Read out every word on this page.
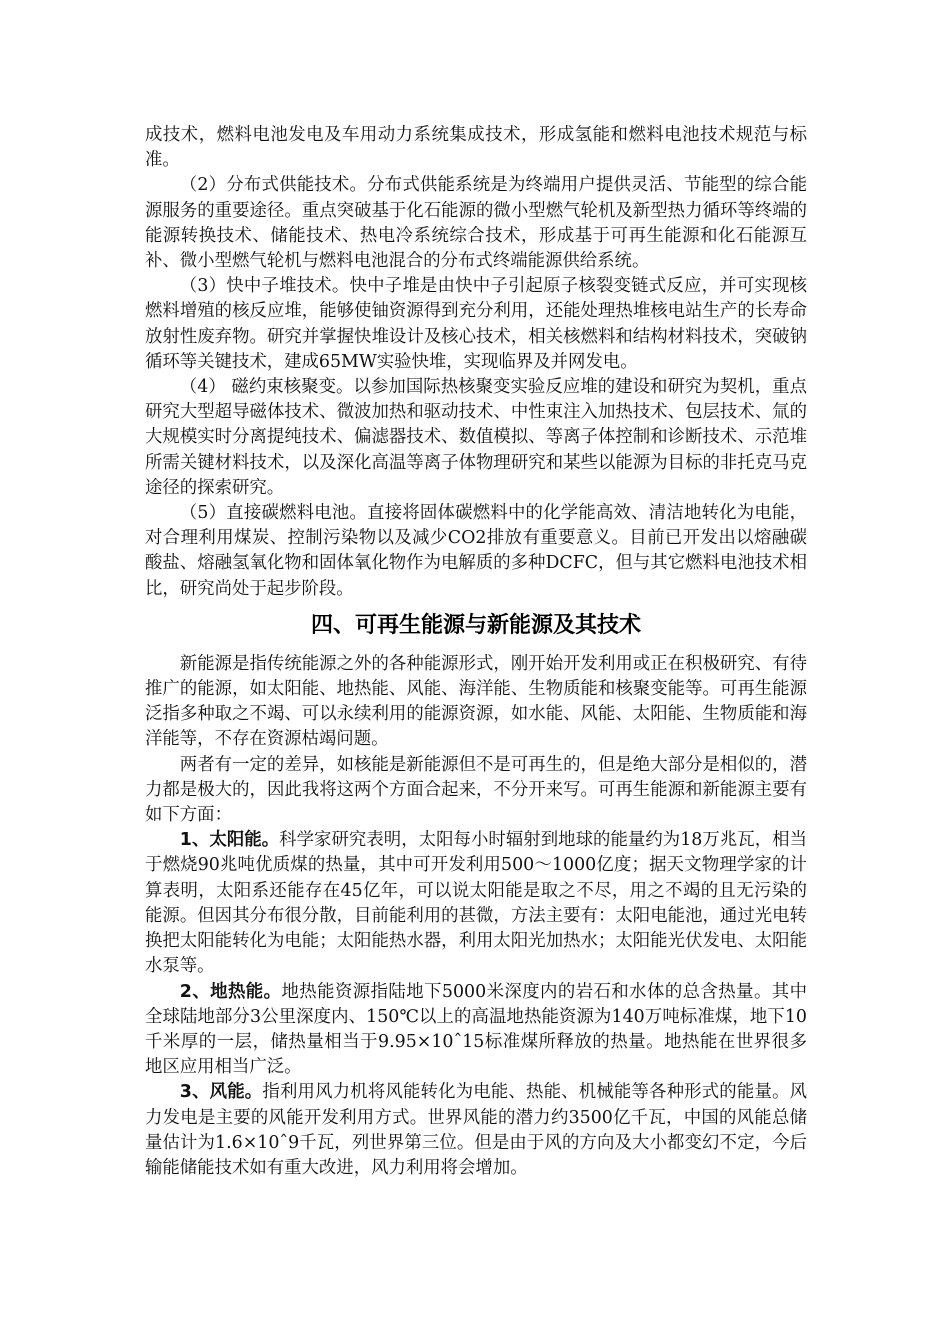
成技术，燃料电池发电及车用动力系统集成技术，形成氢能和燃料电池技术规范与标准。

（2）分布式供能技术。分布式供能系统是为终端用户提供灵活、节能型的综合能源服务的重要途径。重点突破基于化石能源的微小型燃气轮机及新型热力循环等终端的能源转换技术、储能技术、热电冷系统综合技术，形成基于可再生能源和化石能源互补、微小型燃气轮机与燃料电池混合的分布式终端能源供给系统。

（3）快中子堆技术。快中子堆是由快中子引起原子核裂变链式反应，并可实现核燃料增殖的核反应堆，能够使铀资源得到充分利用，还能处理热堆核电站生产的长寿命放射性废弃物。研究并掌握快堆设计及核心技术，相关核燃料和结构材料技术，突破钠循环等关键技术，建成65MW实验快堆，实现临界及并网发电。

（4） 磁约束核聚变。以参加国际热核聚变实验反应堆的建设和研究为契机，重点研究大型超导磁体技术、微波加热和驱动技术、中性束注入加热技术、包层技术、氚的大规模实时分离提纯技术、偏滤器技术、数值模拟、等离子体控制和诊断技术、示范堆所需关键材料技术，以及深化高温等离子体物理研究和某些以能源为目标的非托克马克途径的探索研究。

（5）直接碳燃料电池。直接将固体碳燃料中的化学能高效、清洁地转化为电能，对合理利用煤炭、控制污染物以及减少CO2排放有重要意义。目前已开发出以熔融碳酸盐、熔融氢氧化物和固体氧化物作为电解质的多种DCFC，但与其它燃料电池技术相比，研究尚处于起步阶段。

四、可再生能源与新能源及其技术

新能源是指传统能源之外的各种能源形式，刚开始开发利用或正在积极研究、有待推广的能源，如太阳能、地热能、风能、海洋能、生物质能和核聚变能等。可再生能源泛指多种取之不竭、可以永续利用的能源资源，如水能、风能、太阳能、生物质能和海洋能等，不存在资源枯竭问题。

两者有一定的差异，如核能是新能源但不是可再生的，但是绝大部分是相似的，潜力都是极大的，因此我将这两个方面合起来，不分开来写。可再生能源和新能源主要有如下方面：

1、太阳能。科学家研究表明，太阳每小时辐射到地球的能量约为18万兆瓦，相当于燃烧90兆吨优质煤的热量，其中可开发利用500～1000亿度；据天文物理学家的计算表明，太阳系还能存在45亿年，可以说太阳能是取之不尽，用之不竭的且无污染的能源。但因其分布很分散，目前能利用的甚微，方法主要有：太阳电能池，通过光电转换把太阳能转化为电能；太阳能热水器，利用太阳光加热水；太阳能光伏发电、太阳能水泵等。

2、地热能。地热能资源指陆地下5000米深度内的岩石和水体的总含热量。其中全球陆地部分3公里深度内、150℃以上的高温地热能资源为140万吨标准煤，地下10千米厚的一层，储热量相当于9.95×10ˆ15标准煤所释放的热量。地热能在世界很多地区应用相当广泛。

3、风能。指利用风力机将风能转化为电能、热能、机械能等各种形式的能量。风力发电是主要的风能开发利用方式。世界风能的潜力约3500亿千瓦，中国的风能总储量估计为1.6×10ˆ9千瓦，列世界第三位。但是由于风的方向及大小都变幻不定，今后输能储能技术如有重大改进，风力利用将会增加。
